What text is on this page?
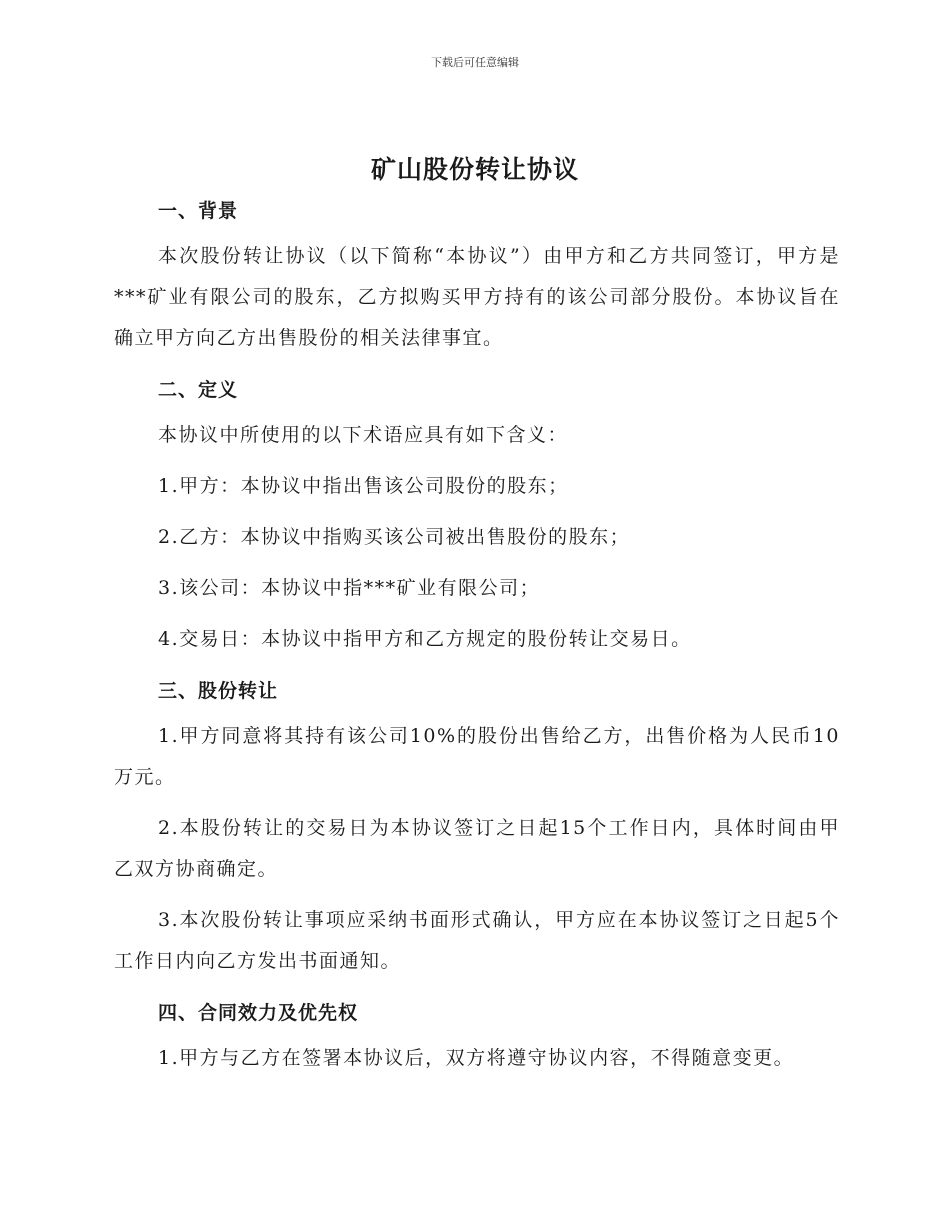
下载后可任意编辑
矿山股份转让协议
一、背景

本次股份转让协议（以下简称“本协议”）由甲方和乙方共同签订，甲方是***矿业有限公司的股东，乙方拟购买甲方持有的该公司部分股份。本协议旨在确立甲方向乙方出售股份的相关法律事宜。

二、定义

本协议中所使用的以下术语应具有如下含义：

1.甲方：本协议中指出售该公司股份的股东；

2.乙方：本协议中指购买该公司被出售股份的股东；

3.该公司：本协议中指***矿业有限公司；

4.交易日：本协议中指甲方和乙方规定的股份转让交易日。

三、股份转让

1.甲方同意将其持有该公司10%的股份出售给乙方，出售价格为人民币10万元。

2.本股份转让的交易日为本协议签订之日起15个工作日内，具体时间由甲乙双方协商确定。

3.本次股份转让事项应采纳书面形式确认，甲方应在本协议签订之日起5个工作日内向乙方发出书面通知。

四、合同效力及优先权

1.甲方与乙方在签署本协议后，双方将遵守协议内容，不得随意变更。
